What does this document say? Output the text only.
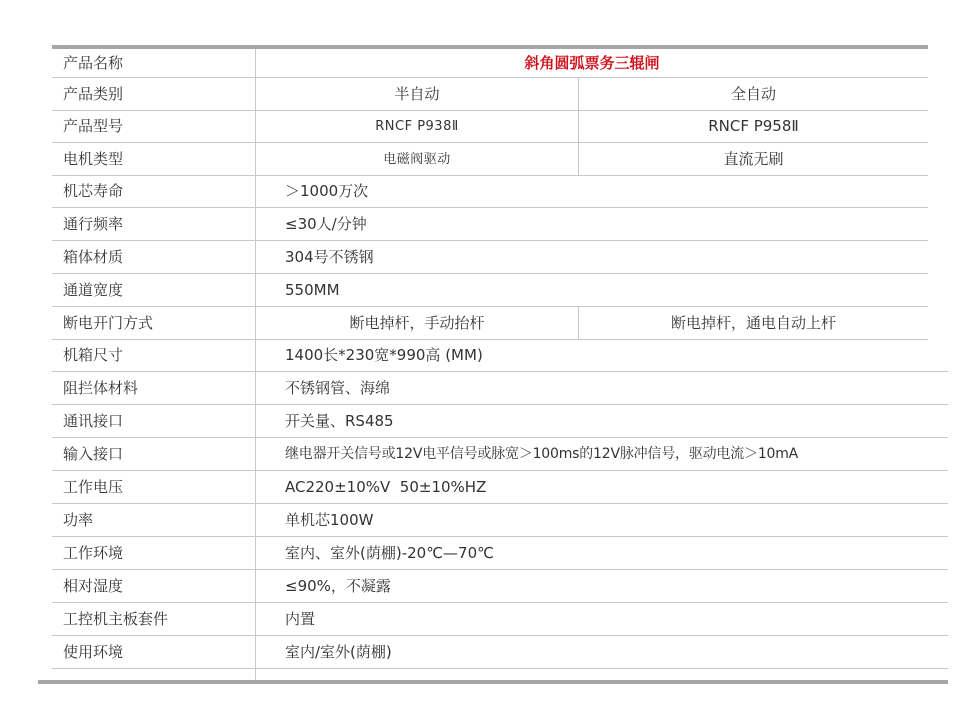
产品名称	斜角圆弧票务三辊闸
产品类别	半自动	全自动
产品型号	RNCF P938Ⅱ	RNCF P958Ⅱ
电机类型	电磁阀驱动	直流无刷
机芯寿命	＞1000万次
通行频率	≤30人/分钟
箱体材质	304号不锈钢
通道宽度	550MM
断电开门方式	断电掉杆，手动抬杆	断电掉杆，通电自动上杆
机箱尺寸	1400长*230宽*990高 (MM)
阻拦体材料	不锈钢管、海绵
通讯接口	开关量、RS485
输入接口	继电器开关信号或12V电平信号或脉宽＞100ms的12V脉冲信号，驱动电流＞10mA
工作电压	AC220±10%V  50±10%HZ
功率	单机芯100W
工作环境	室内、室外(荫棚)-20℃—70℃
相对湿度	≤90%，不凝露
工控机主板套件	内置
使用环境	室内/室外(荫棚)
